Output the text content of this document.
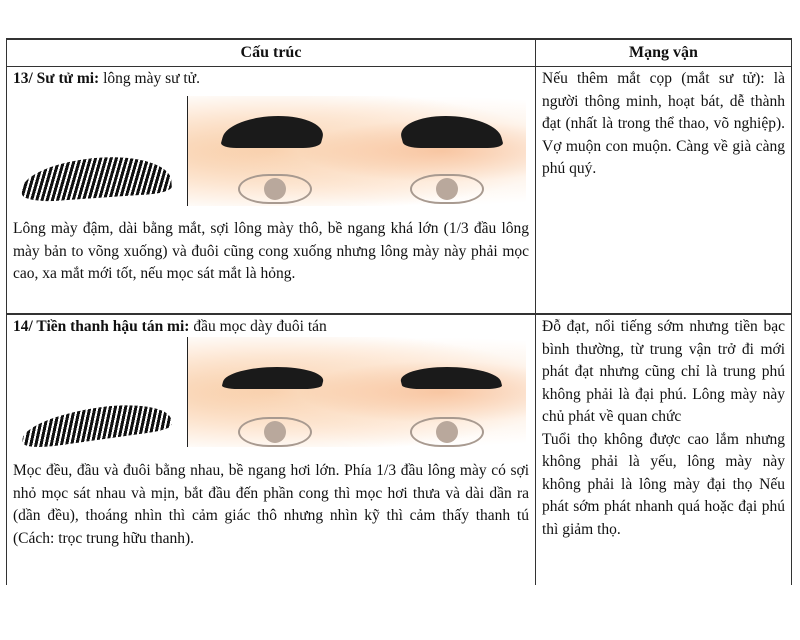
Cấu trúc	Mạng vận
13/ Sư tử mi: lông mày sư tử.
Lông mày đậm, dài bằng mắt, sợi lông mày thô, bề ngang khá lớn (1/3 đầu lông mày bản to võng xuống) và đuôi cũng cong xuống nhưng lông mày này phải mọc cao, xa mắt mới tốt, nếu mọc sát mắt là hỏng.
Nếu thêm mắt cọp (mắt sư tử): là người thông minh, hoạt bát, dễ thành đạt (nhất là trong thể thao, võ nghiệp). Vợ muộn con muộn. Càng về già càng phú quý.
14/ Tiền thanh hậu tán mi: đầu mọc dày đuôi tán
Mọc đều, đầu và đuôi bằng nhau, bề ngang hơi lớn. Phía 1/3 đầu lông mày có sợi nhỏ mọc sát nhau và mịn, bắt đầu đến phần cong thì mọc hơi thưa và dài dần ra (dần đều), thoáng nhìn thì cảm giác thô nhưng nhìn kỹ thì cảm thấy thanh tú (Cách: trọc trung hữu thanh).
Đỗ đạt, nổi tiếng sớm nhưng tiền bạc bình thường, từ trung vận trở đi mới phát đạt nhưng cũng chỉ là trung phú không phải là đại phú. Lông mày này chủ phát về quan chức
Tuổi thọ không được cao lắm nhưng không phải là yếu, lông mày này không phải là lông mày đại thọ Nếu phát sớm phát nhanh quá hoặc đại phú thì giảm thọ.
